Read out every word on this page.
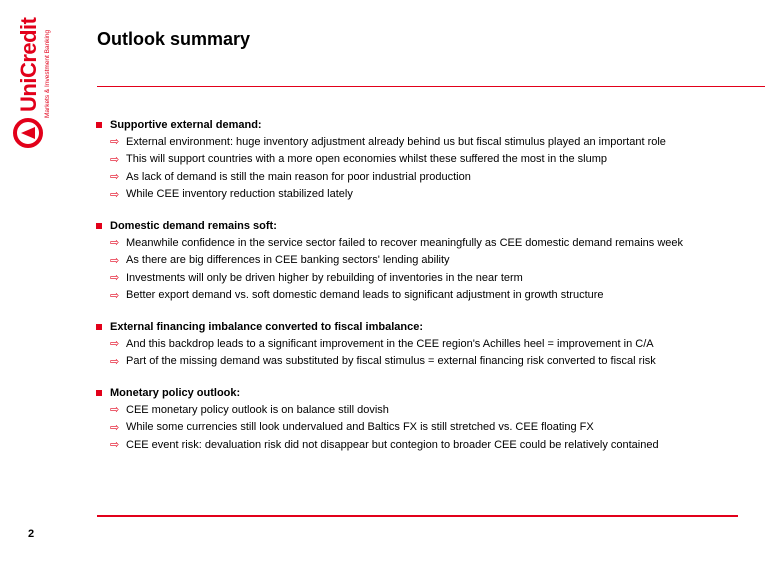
UniCredit Markets & Investment Banking
2
Outlook summary
Supportive external demand:
⇨ External environment: huge inventory adjustment already behind us but fiscal stimulus played an important role
⇨ This will support countries with a more open economies whilst these suffered the most in the slump
⇨ As lack of demand is still the main reason for poor industrial production
⇨ While CEE inventory reduction stabilized lately
Domestic demand remains soft:
⇨ Meanwhile confidence in the service sector failed to recover meaningfully as CEE domestic demand remains week
⇨ As there are big differences in CEE banking sectors' lending ability
⇨ Investments will only be driven higher by rebuilding of inventories in the near term
⇨ Better export demand vs. soft domestic demand leads to significant adjustment in growth structure
External financing imbalance converted to fiscal imbalance:
⇨ And this backdrop leads to a significant improvement in the CEE region's Achilles heel = improvement in C/A
⇨ Part of the missing demand was substituted by fiscal stimulus = external financing risk converted to fiscal risk
Monetary policy outlook:
⇨ CEE monetary policy outlook is on balance still dovish
⇨ While some currencies still look undervalued and Baltics FX is still stretched vs. CEE floating FX
⇨ CEE event risk: devaluation risk did not disappear but contegion to broader CEE could be relatively contained
